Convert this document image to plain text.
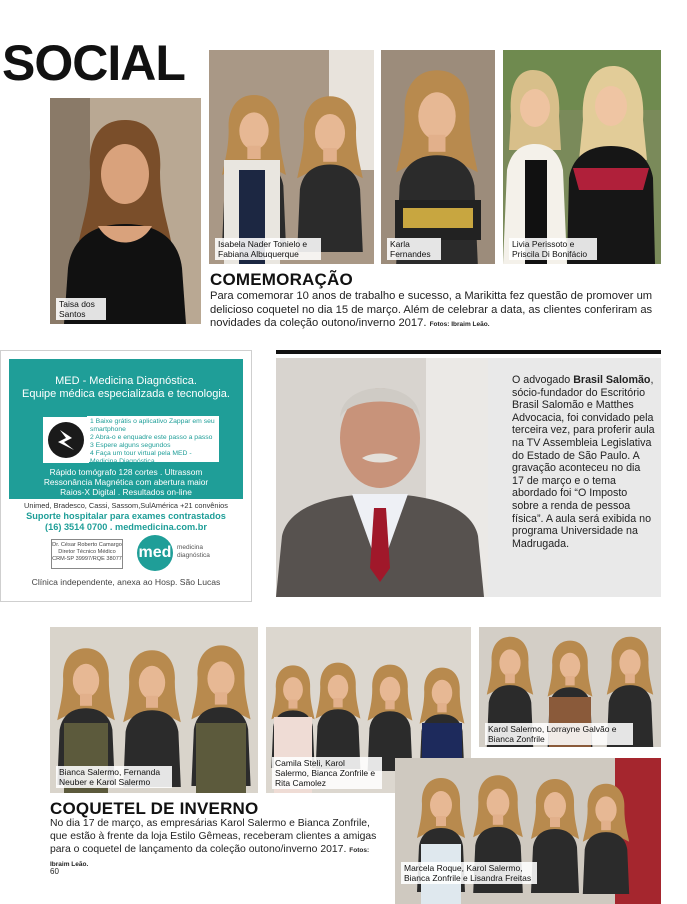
SOCIAL
Taisa dos Santos
Isabela Nader Tonielo e Fabiana Albuquerque
Karla Fernandes
Livia Perissoto e Priscila Di Bonifácio
COMEMORAÇÃO
Para comemorar 10 anos de trabalho e sucesso, a Marikitta fez questão de promover um delicioso coquetel no dia 15 de março. Além de celebrar a data, as clientes conferiram as novidades da coleção outono/inverno 2017. Fotos: Ibraim Leão.
MED - Medicina Diagnóstica.
Equipe médica especializada e tecnologia.
1 Baixe grátis o aplicativo Zappar em seu smartphone
2 Abra-o e enquadre este passo a passo
3 Espere alguns segundos
4 Faça um tour virtual pela MED - Medicina Diagnóstica
Rápido tomógrafo 128 cortes . Ultrassom
Ressonância Magnética com abertura maior
Raios-X Digital . Resultados on-line
Unimed, Bradesco, Cassi, Sassom,SulAmérica +21 convênios
Suporte hospitalar para exames contrastados
(16) 3514 0700 . medmedicina.com.br
Dr. César Roberto Camargo
Diretor Técnico Médico
CRM-SP 39997/RQE 38077 med medicina
diagnóstica
Clínica independente, anexa ao Hosp. São Lucas
O advogado Brasil Salomão, sócio-fundador do Escritório Brasil Salomão e Matthes Advocacia, foi convidado pela terceira vez, para proferir aula na TV Assembleia Legislativa do Estado de São Paulo. A gravação aconteceu no dia 17 de março e o tema abordado foi “O Imposto sobre a renda de pessoa física”. A aula será exibida no programa Universidade na Madrugada.
Bianca Salermo, Fernanda Neuber e Karol Salermo
Camila Steli, Karol Salermo, Bianca Zonfrile e Rita Camolez
Karol Salermo, Lorrayne Galvão e Bianca Zonfrile
Marcela Roque, Karol Salermo, Bianca Zonfrile e Lisandra Freitas
COQUETEL DE INVERNO
No dia 17 de março, as empresárias Karol Salermo e Bianca Zonfrile, que estão à frente da loja Estilo Gêmeas, receberam clientes a amigas para o coquetel de lançamento da coleção outono/inverno 2017. Fotos: Ibraim Leão.
60
